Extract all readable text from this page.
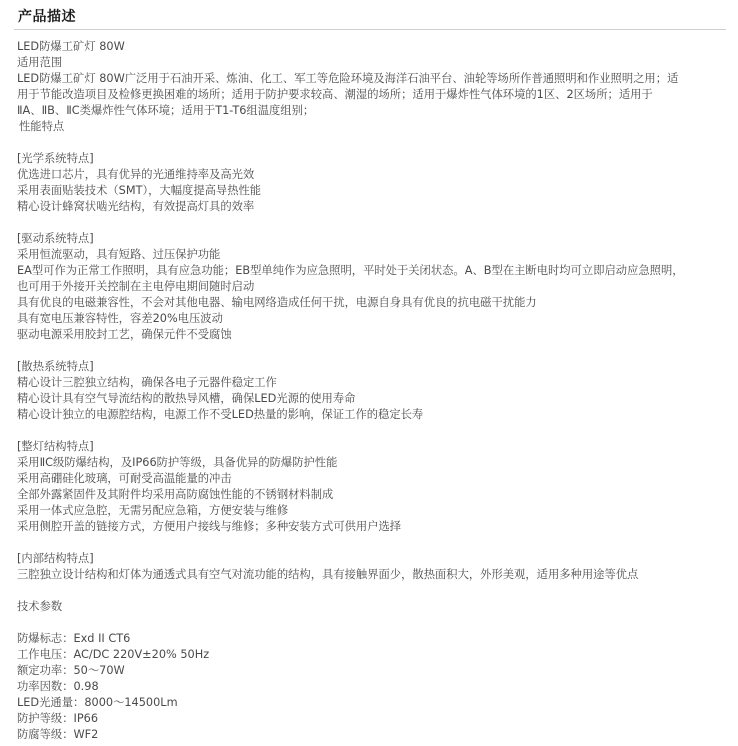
产品描述
LED防爆工矿灯 80W
适用范围
LED防爆工矿灯 80W广泛用于石油开采、炼油、化工、军工等危险环境及海洋石油平台、油轮等场所作普通照明和作业照明之用；适
用于节能改造项目及检修更换困难的场所；适用于防护要求较高、潮湿的场所；适用于爆炸性气体环境的1区、2区场所；适用于
ⅡA、ⅡB、ⅡC类爆炸性气体环境；适用于T1-T6组温度组别；
性能特点
[光学系统特点]
优选进口芯片，具有优异的光通维持率及高光效
采用表面贴装技术（SMT），大幅度提高导热性能
精心设计蜂窝状啮光结构，有效提高灯具的效率
[驱动系统特点]
采用恒流驱动，具有短路、过压保护功能
EA型可作为正常工作照明，具有应急功能；EB型单纯作为应急照明，平时处于关闭状态。A、B型在主断电时均可立即启动应急照明，
也可用于外接开关控制在主电停电期间随时启动
具有优良的电磁兼容性，不会对其他电器、输电网络造成任何干扰，电源自身具有优良的抗电磁干扰能力
具有宽电压兼容特性，容差20%电压波动
驱动电源采用胶封工艺，确保元件不受腐蚀
[散热系统特点]
精心设计三腔独立结构，确保各电子元器件稳定工作
精心设计具有空气导流结构的散热导风槽，确保LED光源的使用寿命
精心设计独立的电源腔结构，电源工作不受LED热量的影响，保证工作的稳定长寿
[整灯结构特点]
采用ⅡC级防爆结构，及IP66防护等级，具备优异的防爆防护性能
采用高硼硅化玻璃，可耐受高温能量的冲击
全部外露紧固件及其附件均采用高防腐蚀性能的不锈钢材料制成
采用一体式应急腔，无需另配应急箱，方便安装与维修
采用侧腔开盖的链接方式，方便用户接线与维修；多种安装方式可供用户选择
[内部结构特点]
三腔独立设计结构和灯体为通透式具有空气对流功能的结构，具有接触界面少，散热面积大，外形美观，适用多种用途等优点
技术参数
防爆标志：Exd II CT6
工作电压：AC/DC 220V±20% 50Hz
额定功率：50～70W
功率因数：0.98
LED光通量：8000～14500Lm
防护等级：IP66
防腐等级：WF2
